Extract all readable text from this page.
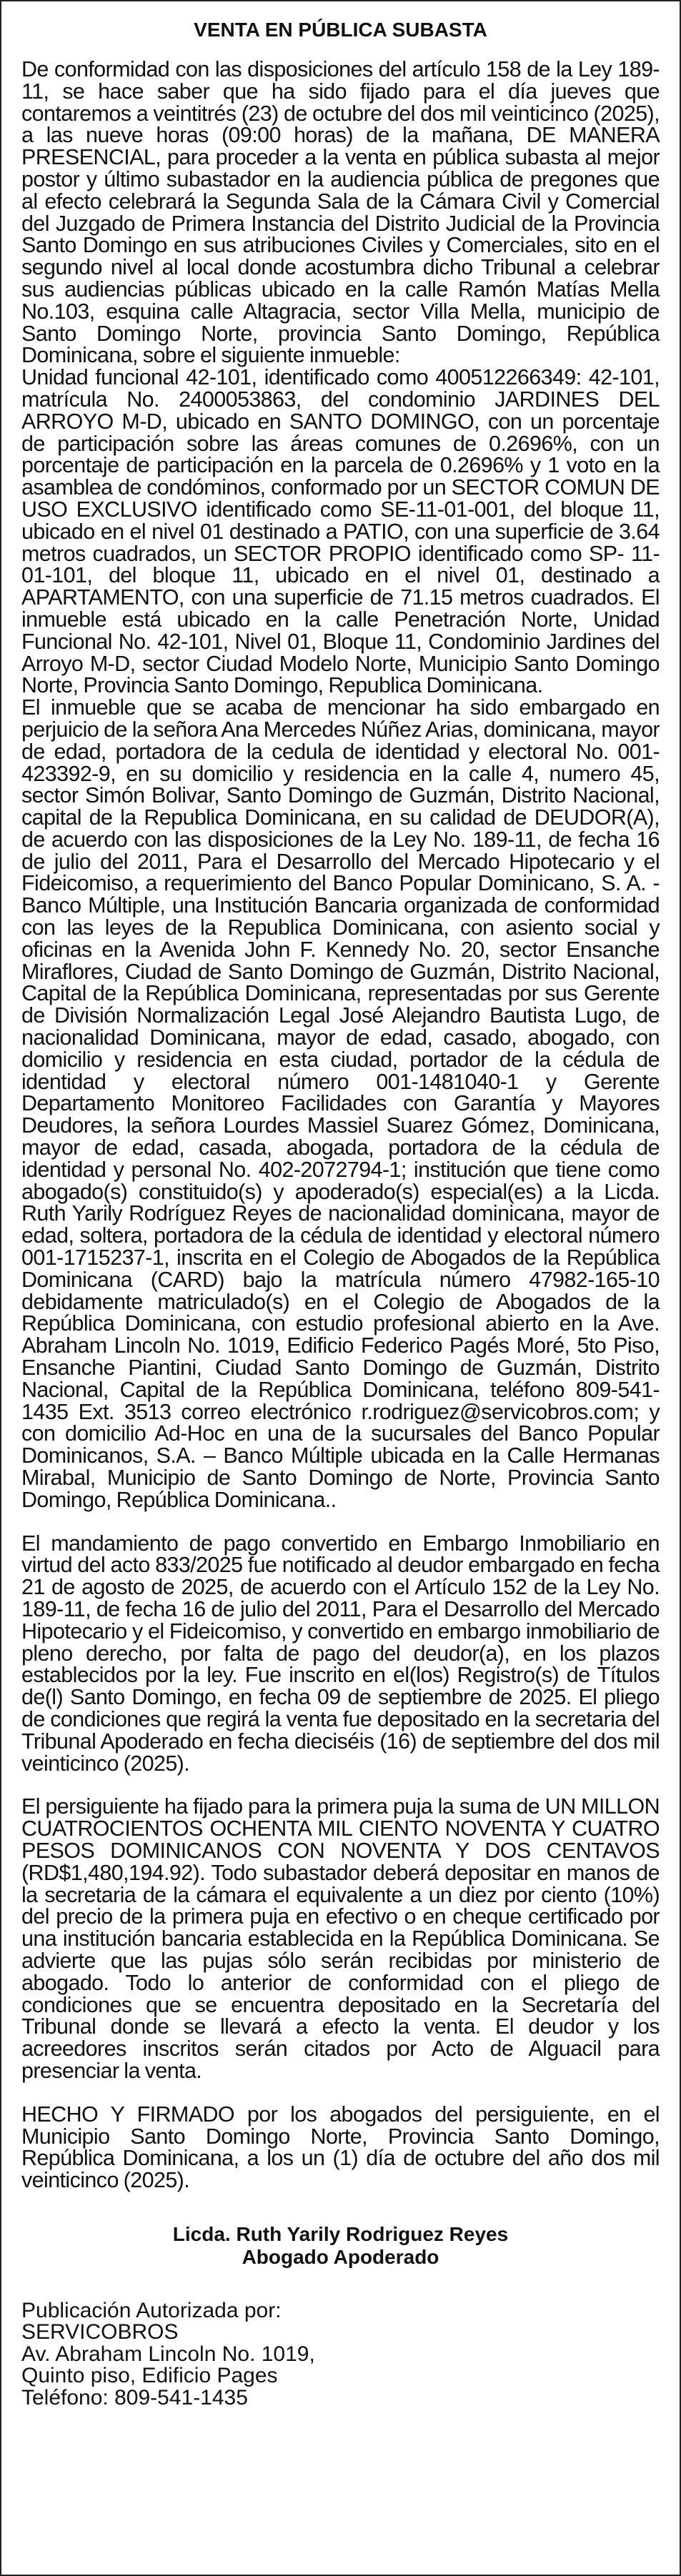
VENTA EN PÚBLICA SUBASTA

De conformidad con las disposiciones del artículo 158 de la Ley 189-11, se hace saber que ha sido fijado para el día jueves que contaremos a veintitrés (23) de octubre del dos mil veinticinco (2025), a las nueve horas (09:00 horas) de la mañana, DE MANERA PRESENCIAL, para proceder a la venta en pública subasta al mejor postor y último subastador en la audiencia pública de pregones que al efecto celebrará la Segunda Sala de la Cámara Civil y Comercial del Juzgado de Primera Instancia del Distrito Judicial de la Provincia Santo Domingo en sus atribuciones Civiles y Comerciales, sito en el segundo nivel al local donde acostumbra dicho Tribunal a celebrar sus audiencias públicas ubicado en la calle Ramón Matías Mella No.103, esquina calle Altagracia, sector Villa Mella, municipio de Santo Domingo Norte, provincia Santo Domingo, República Dominicana, sobre el siguiente inmueble:

Unidad funcional 42-101, identificado como 400512266349: 42-101, matrícula No. 2400053863, del condominio JARDINES DEL ARROYO M-D, ubicado en SANTO DOMINGO, con un porcentaje de participación sobre las áreas comunes de 0.2696%, con un porcentaje de participación en la parcela de 0.2696% y 1 voto en la asamblea de condóminos, conformado por un SECTOR COMUN DE USO EXCLUSIVO identificado como SE-11-01-001, del bloque 11, ubicado en el nivel 01 destinado a PATIO, con una superficie de 3.64 metros cuadrados, un SECTOR PROPIO identificado como SP- 11-01-101, del bloque 11, ubicado en el nivel 01, destinado a APARTAMENTO, con una superficie de 71.15 metros cuadrados. El inmueble está ubicado en la calle Penetración Norte, Unidad Funcional No. 42-101, Nivel 01, Bloque 11, Condominio Jardines del Arroyo M-D, sector Ciudad Modelo Norte, Municipio Santo Domingo Norte, Provincia Santo Domingo, Republica Dominicana.

El inmueble que se acaba de mencionar ha sido embargado en perjuicio de la señora Ana Mercedes Núñez Arias, dominicana, mayor de edad, portadora de la cedula de identidad y electoral No. 001-423392-9, en su domicilio y residencia en la calle 4, numero 45, sector Simón Bolivar, Santo Domingo de Guzmán, Distrito Nacional, capital de la Republica Dominicana, en su calidad de DEUDOR(A), de acuerdo con las disposiciones de la Ley No. 189-11, de fecha 16 de julio del 2011, Para el Desarrollo del Mercado Hipotecario y el Fideicomiso, a requerimiento del Banco Popular Dominicano, S. A. - Banco Múltiple, una Institución Bancaria organizada de conformidad con las leyes de la Republica Dominicana, con asiento social y oficinas en la Avenida John F. Kennedy No. 20, sector Ensanche Miraflores, Ciudad de Santo Domingo de Guzmán, Distrito Nacional, Capital de la República Dominicana, representadas por sus Gerente de División Normalización Legal José Alejandro Bautista Lugo, de nacionalidad Dominicana, mayor de edad, casado, abogado, con domicilio y residencia en esta ciudad, portador de la cédula de identidad y electoral número 001-1481040-1 y Gerente Departamento Monitoreo Facilidades con Garantía y Mayores Deudores, la señora Lourdes Massiel Suarez Gómez, Dominicana, mayor de edad, casada, abogada, portadora de la cédula de identidad y personal No. 402-2072794-1; institución que tiene como abogado(s) constituido(s) y apoderado(s) especial(es) a la Licda. Ruth Yarily Rodríguez Reyes de nacionalidad dominicana, mayor de edad, soltera, portadora de la cédula de identidad y electoral número 001-1715237-1, inscrita en el Colegio de Abogados de la República Dominicana (CARD) bajo la matrícula número 47982-165-10 debidamente matriculado(s) en el Colegio de Abogados de la República Dominicana, con estudio profesional abierto en la Ave. Abraham Lincoln No. 1019, Edificio Federico Pagés Moré, 5to Piso, Ensanche Piantini, Ciudad Santo Domingo de Guzmán, Distrito Nacional, Capital de la República Dominicana, teléfono 809-541-1435 Ext. 3513 correo electrónico r.rodriguez@servicobros.com; y con domicilio Ad-Hoc en una de la sucursales del Banco Popular Dominicanos, S.A. – Banco Múltiple ubicada en la Calle Hermanas Mirabal, Municipio de Santo Domingo de Norte, Provincia Santo Domingo, República Dominicana..

El mandamiento de pago convertido en Embargo Inmobiliario en virtud del acto 833/2025 fue notificado al deudor embargado en fecha 21 de agosto de 2025, de acuerdo con el Artículo 152 de la Ley No. 189-11, de fecha 16 de julio del 2011, Para el Desarrollo del Mercado Hipotecario y el Fideicomiso, y convertido en embargo inmobiliario de pleno derecho, por falta de pago del deudor(a), en los plazos establecidos por la ley. Fue inscrito en el(los) Registro(s) de Títulos de(l) Santo Domingo, en fecha 09 de septiembre de 2025. El pliego de condiciones que regirá la venta fue depositado en la secretaria del Tribunal Apoderado en fecha dieciséis (16) de septiembre del dos mil veinticinco (2025).

El persiguiente ha fijado para la primera puja la suma de UN MILLON CUATROCIENTOS OCHENTA MIL CIENTO NOVENTA Y CUATRO PESOS DOMINICANOS CON NOVENTA Y DOS CENTAVOS (RD$1,480,194.92). Todo subastador deberá depositar en manos de la secretaria de la cámara el equivalente a un diez por ciento (10%) del precio de la primera puja en efectivo o en cheque certificado por una institución bancaria establecida en la República Dominicana. Se advierte que las pujas sólo serán recibidas por ministerio de abogado. Todo lo anterior de conformidad con el pliego de condiciones que se encuentra depositado en la Secretaría del Tribunal donde se llevará a efecto la venta. El deudor y los acreedores inscritos serán citados por Acto de Alguacil para presenciar la venta.

HECHO Y FIRMADO por los abogados del persiguiente, en el Municipio Santo Domingo Norte, Provincia Santo Domingo, República Dominicana, a los un (1) día de octubre del año dos mil veinticinco (2025).

Licda. Ruth Yarily Rodriguez Reyes
Abogado Apoderado
Publicación Autorizada por:
SERVICOBROS
Av. Abraham Lincoln No. 1019,
Quinto piso, Edificio Pages
Teléfono: 809-541-1435
